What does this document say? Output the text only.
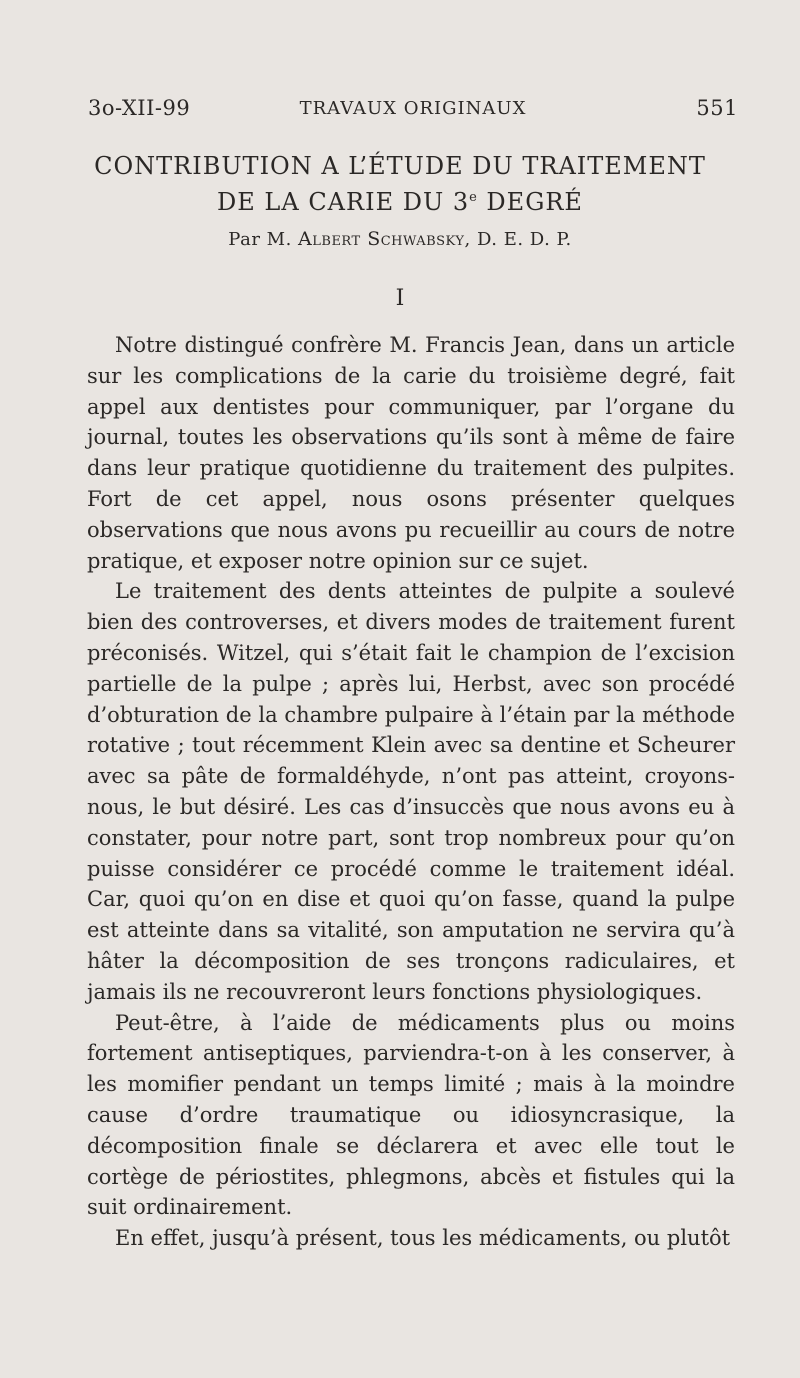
3o-XII-99	TRAVAUX ORIGINAUX	551
CONTRIBUTION A L’ÉTUDE DU TRAITEMENT
DE LA CARIE DU 3e DEGRÉ
Par M. Albert Schwabsky, D. E. D. P.
I

Notre distingué confrère M. Francis Jean, dans un article sur les complications de la carie du troisième degré, fait appel aux dentistes pour communiquer, par l’organe du journal, toutes les observations qu’ils sont à même de faire dans leur pratique quotidienne du traitement des pulpites. Fort de cet appel, nous osons présenter quelques observations que nous avons pu recueillir au cours de notre pratique, et exposer notre opinion sur ce sujet.

Le traitement des dents atteintes de pulpite a soulevé bien des controverses, et divers modes de traitement furent préconisés. Witzel, qui s’était fait le champion de l’excision partielle de la pulpe ; après lui, Herbst, avec son procédé d’obturation de la chambre pulpaire à l’étain par la méthode rotative ; tout récemment Klein avec sa dentine et Scheurer avec sa pâte de formaldéhyde, n’ont pas atteint, croyons-nous, le but désiré. Les cas d’insuccès que nous avons eu à constater, pour notre part, sont trop nombreux pour qu’on puisse considérer ce procédé comme le traitement idéal. Car, quoi qu’on en dise et quoi qu’on fasse, quand la pulpe est atteinte dans sa vitalité, son amputation ne servira qu’à hâter la décomposition de ses tronçons radiculaires, et jamais ils ne recouvreront leurs fonctions physiologiques.

Peut-être, à l’aide de médicaments plus ou moins fortement antiseptiques, parviendra-t-on à les conserver, à les momifier pendant un temps limité ; mais à la moindre cause d’ordre traumatique ou idiosyncrasique, la décomposition finale se déclarera et avec elle tout le cortège de périostites, phlegmons, abcès et fistules qui la suit ordinairement.

En effet, jusqu’à présent, tous les médicaments, ou plutôt
